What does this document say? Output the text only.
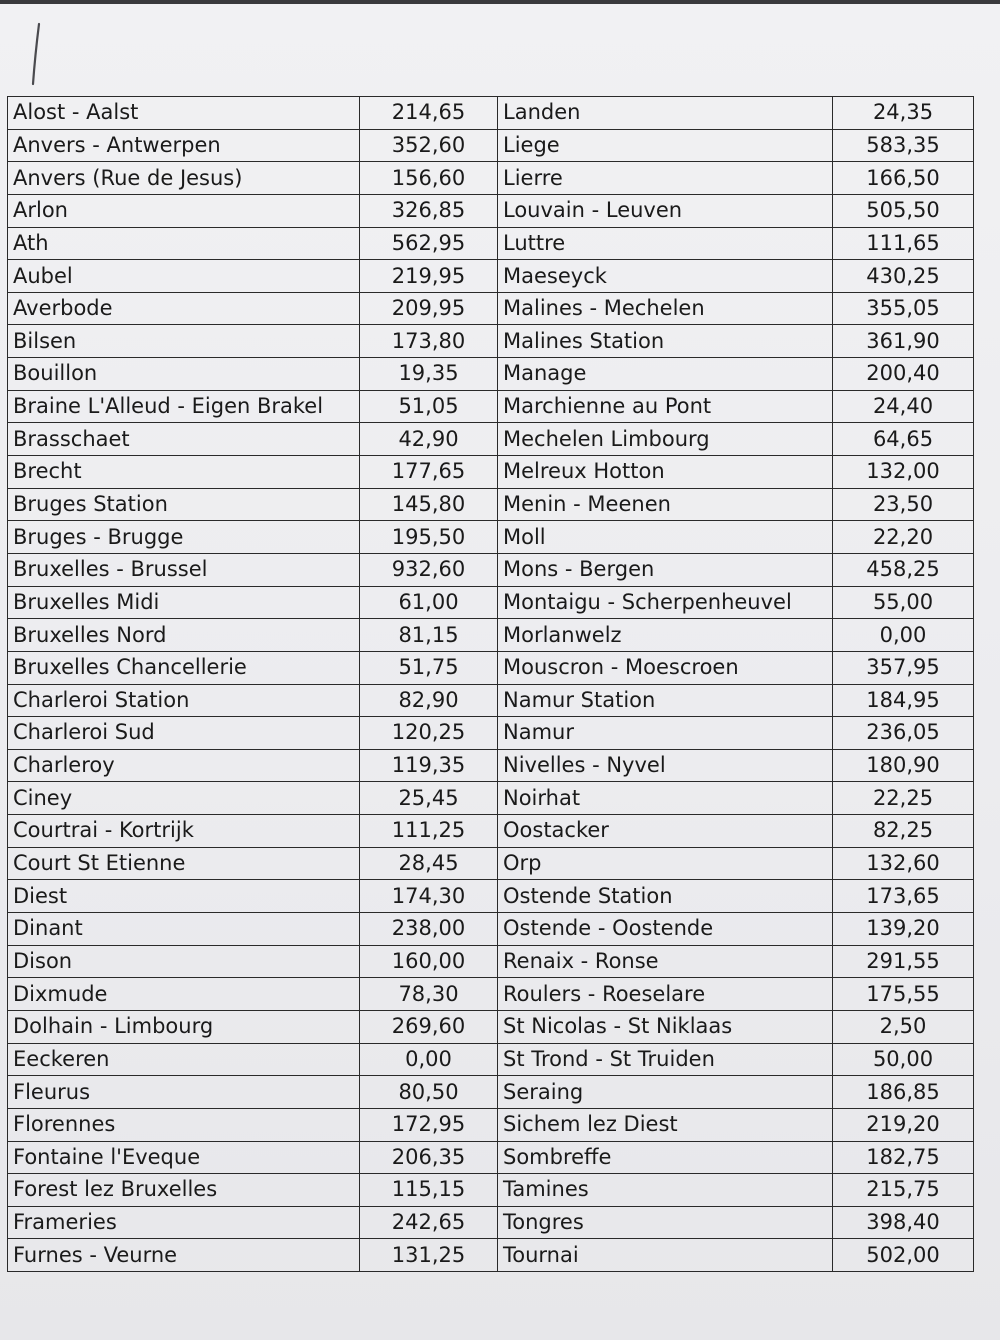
Alost - Aalst	214,65	Landen	24,35
Anvers - Antwerpen	352,60	Liege	583,35
Anvers (Rue de Jesus)	156,60	Lierre	166,50
Arlon	326,85	Louvain - Leuven	505,50
Ath	562,95	Luttre	111,65
Aubel	219,95	Maeseyck	430,25
Averbode	209,95	Malines - Mechelen	355,05
Bilsen	173,80	Malines Station	361,90
Bouillon	19,35	Manage	200,40
Braine L'Alleud - Eigen Brakel	51,05	Marchienne au Pont	24,40
Brasschaet	42,90	Mechelen Limbourg	64,65
Brecht	177,65	Melreux Hotton	132,00
Bruges Station	145,80	Menin - Meenen	23,50
Bruges - Brugge	195,50	Moll	22,20
Bruxelles - Brussel	932,60	Mons - Bergen	458,25
Bruxelles Midi	61,00	Montaigu - Scherpenheuvel	55,00
Bruxelles Nord	81,15	Morlanwelz	0,00
Bruxelles Chancellerie	51,75	Mouscron - Moescroen	357,95
Charleroi Station	82,90	Namur Station	184,95
Charleroi Sud	120,25	Namur	236,05
Charleroy	119,35	Nivelles - Nyvel	180,90
Ciney	25,45	Noirhat	22,25
Courtrai - Kortrijk	111,25	Oostacker	82,25
Court St Etienne	28,45	Orp	132,60
Diest	174,30	Ostende Station	173,65
Dinant	238,00	Ostende - Oostende	139,20
Dison	160,00	Renaix - Ronse	291,55
Dixmude	78,30	Roulers - Roeselare	175,55
Dolhain - Limbourg	269,60	St Nicolas - St Niklaas	2,50
Eeckeren	0,00	St Trond - St Truiden	50,00
Fleurus	80,50	Seraing	186,85
Florennes	172,95	Sichem lez Diest	219,20
Fontaine l'Eveque	206,35	Sombreffe	182,75
Forest lez Bruxelles	115,15	Tamines	215,75
Frameries	242,65	Tongres	398,40
Furnes - Veurne	131,25	Tournai	502,00
